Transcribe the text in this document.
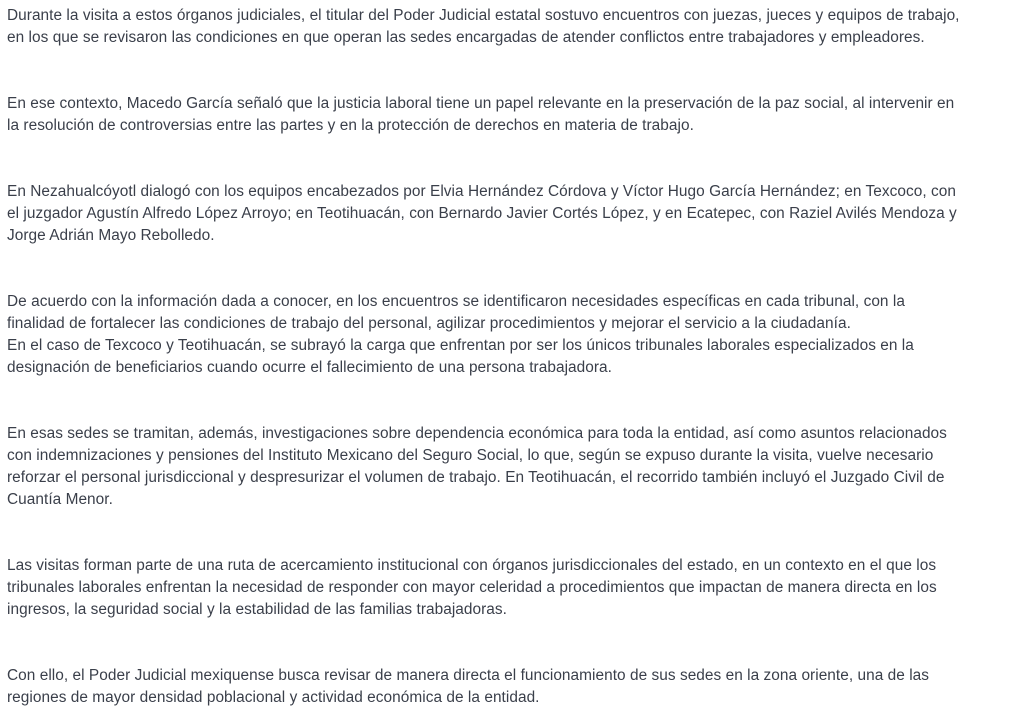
Durante la visita a estos órganos judiciales, el titular del Poder Judicial estatal sostuvo encuentros con juezas, jueces y equipos de trabajo,
en los que se revisaron las condiciones en que operan las sedes encargadas de atender conflictos entre trabajadores y empleadores.

En ese contexto, Macedo García señaló que la justicia laboral tiene un papel relevante en la preservación de la paz social, al intervenir en
la resolución de controversias entre las partes y en la protección de derechos en materia de trabajo.

En Nezahualcóyotl dialogó con los equipos encabezados por Elvia Hernández Córdova y Víctor Hugo García Hernández; en Texcoco, con
el juzgador Agustín Alfredo López Arroyo; en Teotihuacán, con Bernardo Javier Cortés López, y en Ecatepec, con Raziel Avilés Mendoza y
Jorge Adrián Mayo Rebolledo.

De acuerdo con la información dada a conocer, en los encuentros se identificaron necesidades específicas en cada tribunal, con la
finalidad de fortalecer las condiciones de trabajo del personal, agilizar procedimientos y mejorar el servicio a la ciudadanía.
En el caso de Texcoco y Teotihuacán, se subrayó la carga que enfrentan por ser los únicos tribunales laborales especializados en la
designación de beneficiarios cuando ocurre el fallecimiento de una persona trabajadora.

En esas sedes se tramitan, además, investigaciones sobre dependencia económica para toda la entidad, así como asuntos relacionados
con indemnizaciones y pensiones del Instituto Mexicano del Seguro Social, lo que, según se expuso durante la visita, vuelve necesario
reforzar el personal jurisdiccional y despresurizar el volumen de trabajo. En Teotihuacán, el recorrido también incluyó el Juzgado Civil de
Cuantía Menor.

Las visitas forman parte de una ruta de acercamiento institucional con órganos jurisdiccionales del estado, en un contexto en el que los
tribunales laborales enfrentan la necesidad de responder con mayor celeridad a procedimientos que impactan de manera directa en los
ingresos, la seguridad social y la estabilidad de las familias trabajadoras.

Con ello, el Poder Judicial mexiquense busca revisar de manera directa el funcionamiento de sus sedes en la zona oriente, una de las
regiones de mayor densidad poblacional y actividad económica de la entidad.
